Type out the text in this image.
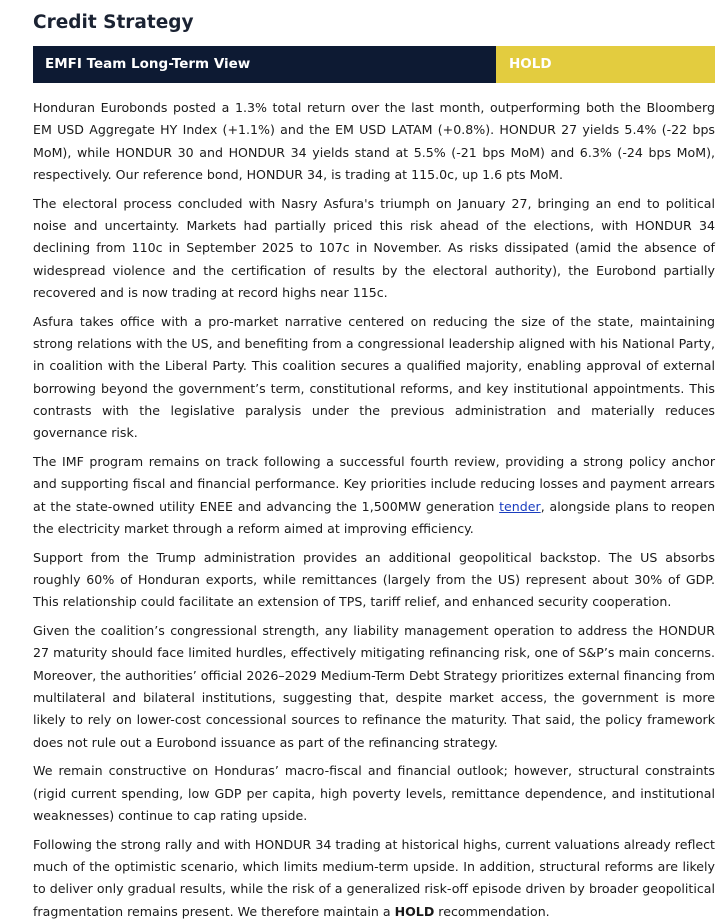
Credit Strategy
EMFI Team Long-Term View	HOLD

Honduran Eurobonds posted a 1.3% total return over the last month, outperforming both the Bloomberg EM USD Aggregate HY Index (+1.1%) and the EM USD LATAM (+0.8%). HONDUR 27 yields 5.4% (-22 bps MoM), while HONDUR 30 and HONDUR 34 yields stand at 5.5% (-21 bps MoM) and 6.3% (-24 bps MoM), respectively. Our reference bond, HONDUR 34, is trading at 115.0c, up 1.6 pts MoM.

The electoral process concluded with Nasry Asfura's triumph on January 27, bringing an end to political noise and uncertainty. Markets had partially priced this risk ahead of the elections, with HONDUR 34 declining from 110c in September 2025 to 107c in November. As risks dissipated (amid the absence of widespread violence and the certification of results by the electoral authority), the Eurobond partially recovered and is now trading at record highs near 115c.

Asfura takes office with a pro-market narrative centered on reducing the size of the state, maintaining strong relations with the US, and benefiting from a congressional leadership aligned with his National Party, in coalition with the Liberal Party. This coalition secures a qualified majority, enabling approval of external borrowing beyond the government’s term, constitutional reforms, and key institutional appointments. This contrasts with the legislative paralysis under the previous administration and materially reduces governance risk.

The IMF program remains on track following a successful fourth review, providing a strong policy anchor and supporting fiscal and financial performance. Key priorities include reducing losses and payment arrears at the state-owned utility ENEE and advancing the 1,500MW generation tender, alongside plans to reopen the electricity market through a reform aimed at improving efficiency.

Support from the Trump administration provides an additional geopolitical backstop. The US absorbs roughly 60% of Honduran exports, while remittances (largely from the US) represent about 30% of GDP. This relationship could facilitate an extension of TPS, tariff relief, and enhanced security cooperation.

Given the coalition’s congressional strength, any liability management operation to address the HONDUR 27 maturity should face limited hurdles, effectively mitigating refinancing risk, one of S&P’s main concerns. Moreover, the authorities’ official 2026–2029 Medium-Term Debt Strategy prioritizes external financing from multilateral and bilateral institutions, suggesting that, despite market access, the government is more likely to rely on lower-cost concessional sources to refinance the maturity. That said, the policy framework does not rule out a Eurobond issuance as part of the refinancing strategy.

We remain constructive on Honduras’ macro-fiscal and financial outlook; however, structural constraints (rigid current spending, low GDP per capita, high poverty levels, remittance dependence, and institutional weaknesses) continue to cap rating upside.

Following the strong rally and with HONDUR 34 trading at historical highs, current valuations already reflect much of the optimistic scenario, which limits medium-term upside. In addition, structural reforms are likely to deliver only gradual results, while the risk of a generalized risk-off episode driven by broader geopolitical fragmentation remains present. We therefore maintain a HOLD recommendation.
